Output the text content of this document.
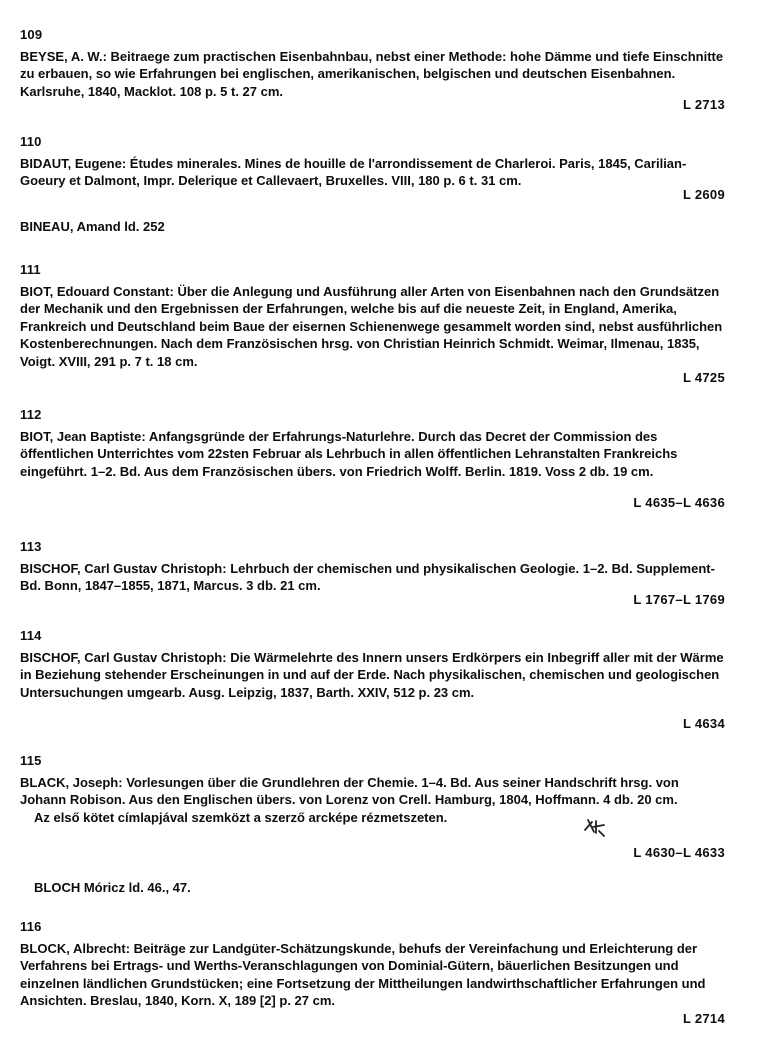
109
BEYSE, A. W.: Beitraege zum practischen Eisenbahnbau, nebst einer Methode: hohe Dämme und tiefe Einschnitte zu erbauen, so wie Erfahrungen bei englischen, amerikanischen, belgischen und deutschen Eisenbahnen. Karlsruhe, 1840, Macklot. 108 p. 5 t. 27 cm.
L 2713
110
BIDAUT, Eugene: Études minerales. Mines de houille de l'arrondissement de Charleroi. Paris, 1845, Carilian-Goeury et Dalmont, Impr. Delerique et Callevaert, Bruxelles. VIII, 180 p. 6 t. 31 cm.
L 2609
BINEAU, Amand ld. 252
111
BIOT, Edouard Constant: Über die Anlegung und Ausführung aller Arten von Eisenbahnen nach den Grundsätzen der Mechanik und den Ergebnissen der Erfahrungen, welche bis auf die neueste Zeit, in England, Amerika, Frankreich und Deutschland beim Baue der eisernen Schienenwege gesammelt worden sind, nebst ausführlichen Kostenberechnungen. Nach dem Französischen hrsg. von Christian Heinrich Schmidt. Weimar, Ilmenau, 1835, Voigt. XVIII, 291 p. 7 t. 18 cm.
L 4725
112
BIOT, Jean Baptiste: Anfangsgründe der Erfahrungs-Naturlehre. Durch das Decret der Commission des öffentlichen Unterrichtes vom 22sten Februar als Lehrbuch in allen öffentlichen Lehranstalten Frankreichs eingeführt. 1–2. Bd. Aus dem Französischen übers. von Friedrich Wolff. Berlin. 1819. Voss 2 db. 19 cm.
L 4635–L 4636
113
BISCHOF, Carl Gustav Christoph: Lehrbuch der chemischen und physikalischen Geologie. 1–2. Bd. Supplement-Bd. Bonn, 1847–1855, 1871, Marcus. 3 db. 21 cm.
L 1767–L 1769
114
BISCHOF, Carl Gustav Christoph: Die Wärmelehrte des Innern unsers Erdkörpers ein Inbegriff aller mit der Wärme in Beziehung stehender Erscheinungen in und auf der Erde. Nach physikalischen, chemischen und geologischen Untersuchungen umgearb. Ausg. Leipzig, 1837, Barth. XXIV, 512 p. 23 cm.
L 4634
115
BLACK, Joseph: Vorlesungen über die Grundlehren der Chemie. 1–4. Bd. Aus seiner Handschrift hrsg. von Johann Robison. Aus den Englischen übers. von Lorenz von Crell. Hamburg, 1804, Hoffmann. 4 db. 20 cm.
Az első kötet címlapjával szemközt a szerző arcképe rézmetszeten.
L 4630–L 4633
BLOCH Móricz ld. 46., 47.
116
BLOCK, Albrecht: Beiträge zur Landgüter-Schätzungskunde, behufs der Vereinfachung und Erleichterung der Verfahrens bei Ertrags- und Werths-Veranschlagungen von Dominial-Gütern, bäuerlichen Besitzungen und einzelnen ländlichen Grundstücken; eine Fortsetzung der Mittheilungen landwirthschaftlicher Erfahrungen und Ansichten. Breslau, 1840, Korn. X, 189 [2] p. 27 cm.
L 2714
